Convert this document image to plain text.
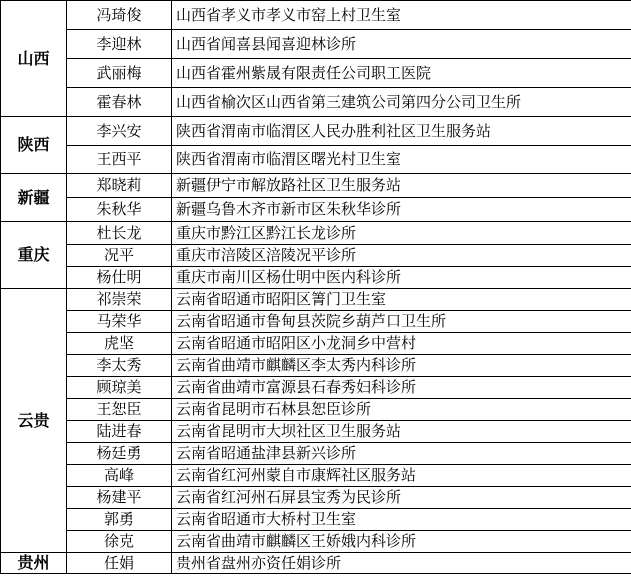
山西	冯琦俊	山西省孝义市孝义市窑上村卫生室
	李迎林	山西省闻喜县闻喜迎林诊所
	武丽梅	山西省霍州紫晟有限责任公司职工医院
	霍春林	山西省榆次区山西省第三建筑公司第四分公司卫生所
陕西	李兴安	陕西省渭南市临渭区人民办胜利社区卫生服务站
	王西平	陕西省渭南市临渭区曙光村卫生室
新疆	郑晓莉	新疆伊宁市解放路社区卫生服务站
	朱秋华	新疆乌鲁木齐市新市区朱秋华诊所
重庆	杜长龙	重庆市黔江区黔江长龙诊所
	况平	重庆市涪陵区涪陵况平诊所
	杨仕明	重庆市南川区杨仕明中医内科诊所
云贵	祁崇荣	云南省昭通市昭阳区箐门卫生室
	马荣华	云南省昭通市鲁甸县茨院乡葫芦口卫生所
	虎坚	云南省昭通市昭阳区小龙洞乡中营村
	李太秀	云南省曲靖市麒麟区李太秀内科诊所
	顾琼美	云南省曲靖市富源县石春秀妇科诊所
	王恕臣	云南省昆明市石林县恕臣诊所
	陆进春	云南省昆明市大坝社区卫生服务站
	杨廷勇	云南省昭通盐津县新兴诊所
	高峰	云南省红河州蒙自市康辉社区服务站
	杨建平	云南省红河州石屏县宝秀为民诊所
	郭勇	云南省昭通市大桥村卫生室
	徐克	云南省曲靖市麒麟区王娇娥内科诊所
贵州	任娟	贵州省盘州亦资任娟诊所
